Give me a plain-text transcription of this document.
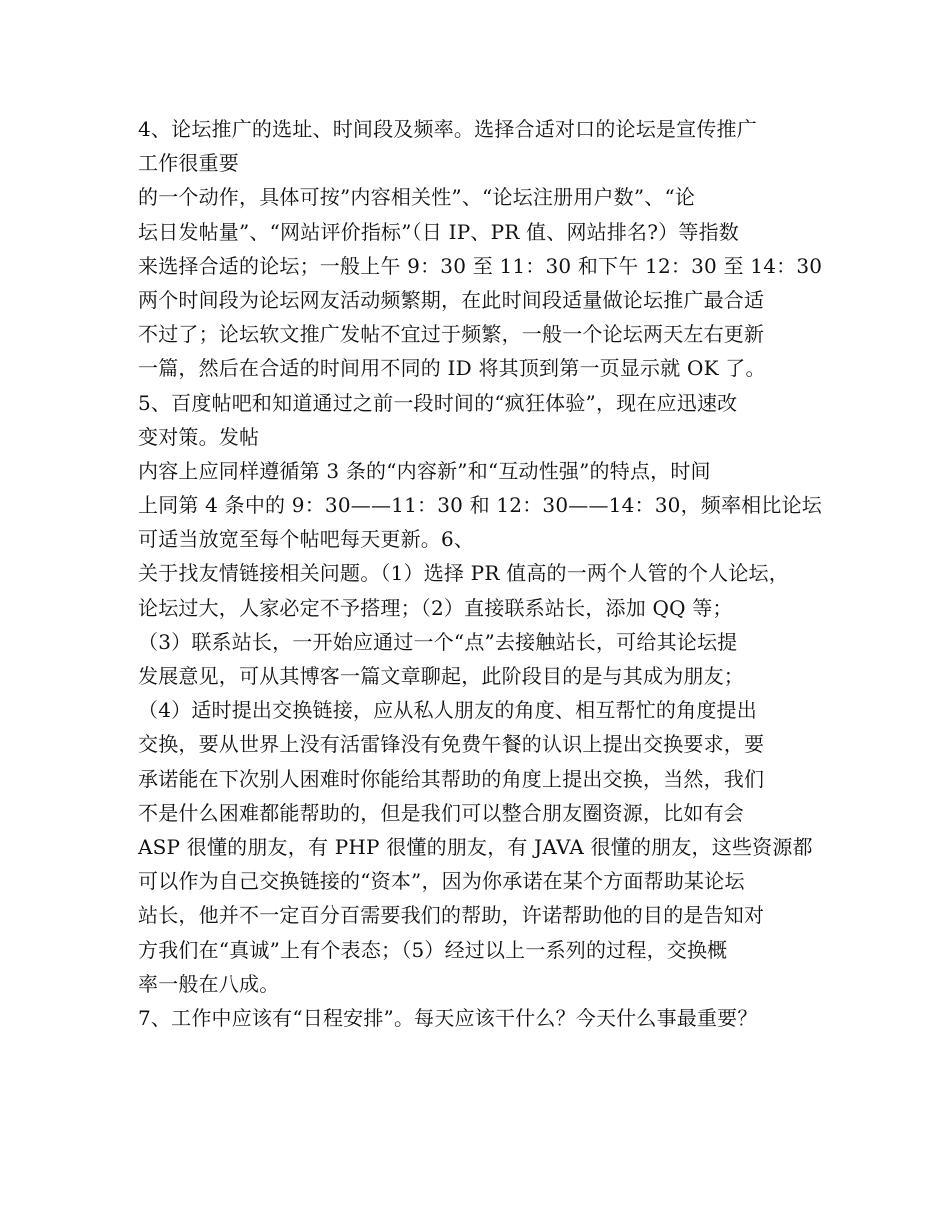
4、论坛推广的选址、时间段及频率。选择合适对口的论坛是宣传推广
工作很重要
的一个动作，具体可按”内容相关性”、“论坛注册用户数”、“论
坛日发帖量”、“网站评价指标”（日 IP、PR 值、网站排名?）等指数
来选择合适的论坛；一般上午 9：30 至 11：30 和下午 12：30 至 14：30
两个时间段为论坛网友活动频繁期，在此时间段适量做论坛推广最合适
不过了；论坛软文推广发帖不宜过于频繁，一般一个论坛两天左右更新
一篇，然后在合适的时间用不同的 ID 将其顶到第一页显示就 OK 了。
5、百度帖吧和知道通过之前一段时间的“疯狂体验”，现在应迅速改
变对策。发帖
内容上应同样遵循第 3 条的“内容新”和“互动性强”的特点，时间
上同第 4 条中的 9：30——11：30 和 12：30——14：30，频率相比论坛
可适当放宽至每个帖吧每天更新。6、
关于找友情链接相关问题。（1）选择 PR 值高的一两个人管的个人论坛，
论坛过大，人家必定不予搭理；（2）直接联系站长，添加 QQ 等；
（3）联系站长，一开始应通过一个“点”去接触站长，可给其论坛提
发展意见，可从其博客一篇文章聊起，此阶段目的是与其成为朋友；
（4）适时提出交换链接，应从私人朋友的角度、相互帮忙的角度提出
交换，要从世界上没有活雷锋没有免费午餐的认识上提出交换要求，要
承诺能在下次别人困难时你能给其帮助的角度上提出交换，当然，我们
不是什么困难都能帮助的，但是我们可以整合朋友圈资源，比如有会
ASP 很懂的朋友，有 PHP 很懂的朋友，有 JAVA 很懂的朋友，这些资源都
可以作为自己交换链接的“资本”，因为你承诺在某个方面帮助某论坛
站长，他并不一定百分百需要我们的帮助，许诺帮助他的目的是告知对
方我们在“真诚”上有个表态；（5）经过以上一系列的过程，交换概
率一般在八成。
7、工作中应该有“日程安排”。每天应该干什么？今天什么事最重要？
